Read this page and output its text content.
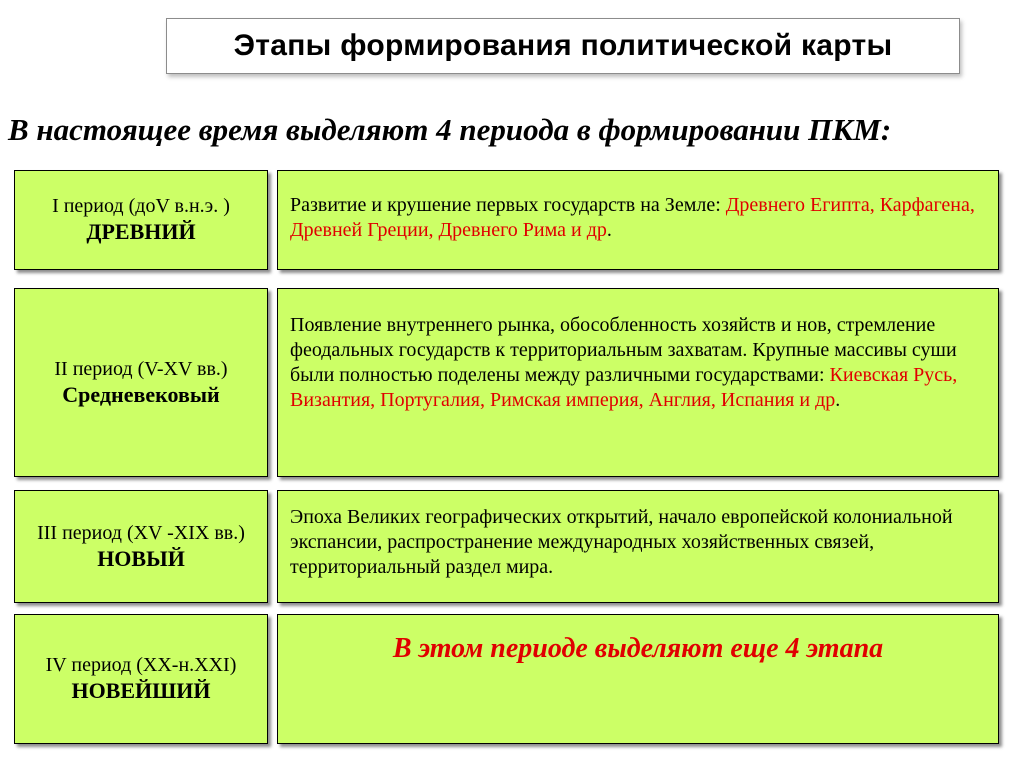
Этапы формирования политической карты
В настоящее время выделяют 4 периода в формировании ПКМ:
I период (доV в.н.э. )
ДРЕВНИЙ
Развитие и крушение первых государств на Земле: Древнего Египта, Карфагена, Древней Греции, Древнего Рима и др.
II период (V-XV вв.)
Средневековый
Появление внутреннего рынка, обособленность хозяйств и нов, стремление феодальных государств к территориальным захватам. Крупные массивы суши были полностью поделены между различными государствами: Киевская Русь, Византия, Португалия, Римская империя, Англия, Испания и др.
III период (XV -XIX вв.)
НОВЫЙ
Эпоха Великих географических открытий, начало европейской колониальной экспансии, распространение международных хозяйственных связей, территориальный раздел мира.
IV период (XX-н.XXI)
НОВЕЙШИЙ
В этом периоде выделяют еще 4 этапа
